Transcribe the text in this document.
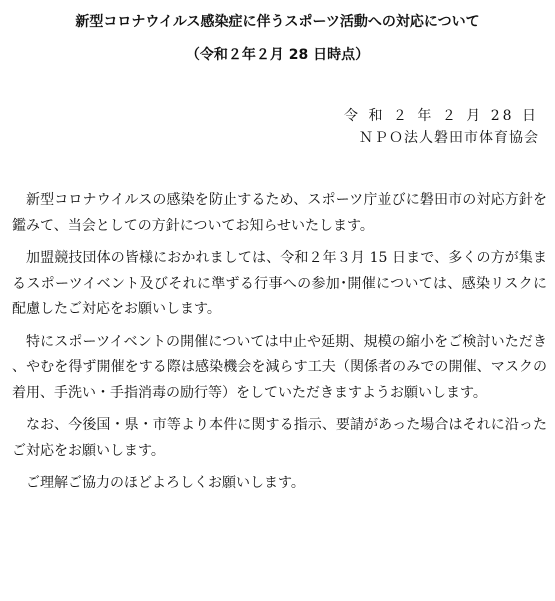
新型コロナウイルス感染症に伴うスポーツ活動への対応について
（令和２年２月 28 日時点）
令 和 ２ 年 ２ 月 28 日
ＮＰＯ法人磐田市体育協会

新型コロナウイルスの感染を防止するため、スポーツ庁並びに磐田市の対応方針を鑑みて、当会としての方針についてお知らせいたします。

加盟競技団体の皆様におかれましては、令和２年３月 15 日まで、多くの方が集まるスポーツイベント及びそれに準ずる行事への参加･開催については、感染リスクに配慮したご対応をお願いします。

特にスポーツイベントの開催については中止や延期、規模の縮小をご検討いただき、やむを得ず開催をする際は感染機会を減らす工夫（関係者のみでの開催、マスクの着用、手洗い・手指消毒の励行等）をしていただきますようお願いします。

なお、今後国・県・市等より本件に関する指示、要請があった場合はそれに沿ったご対応をお願いします。

ご理解ご協力のほどよろしくお願いします。
